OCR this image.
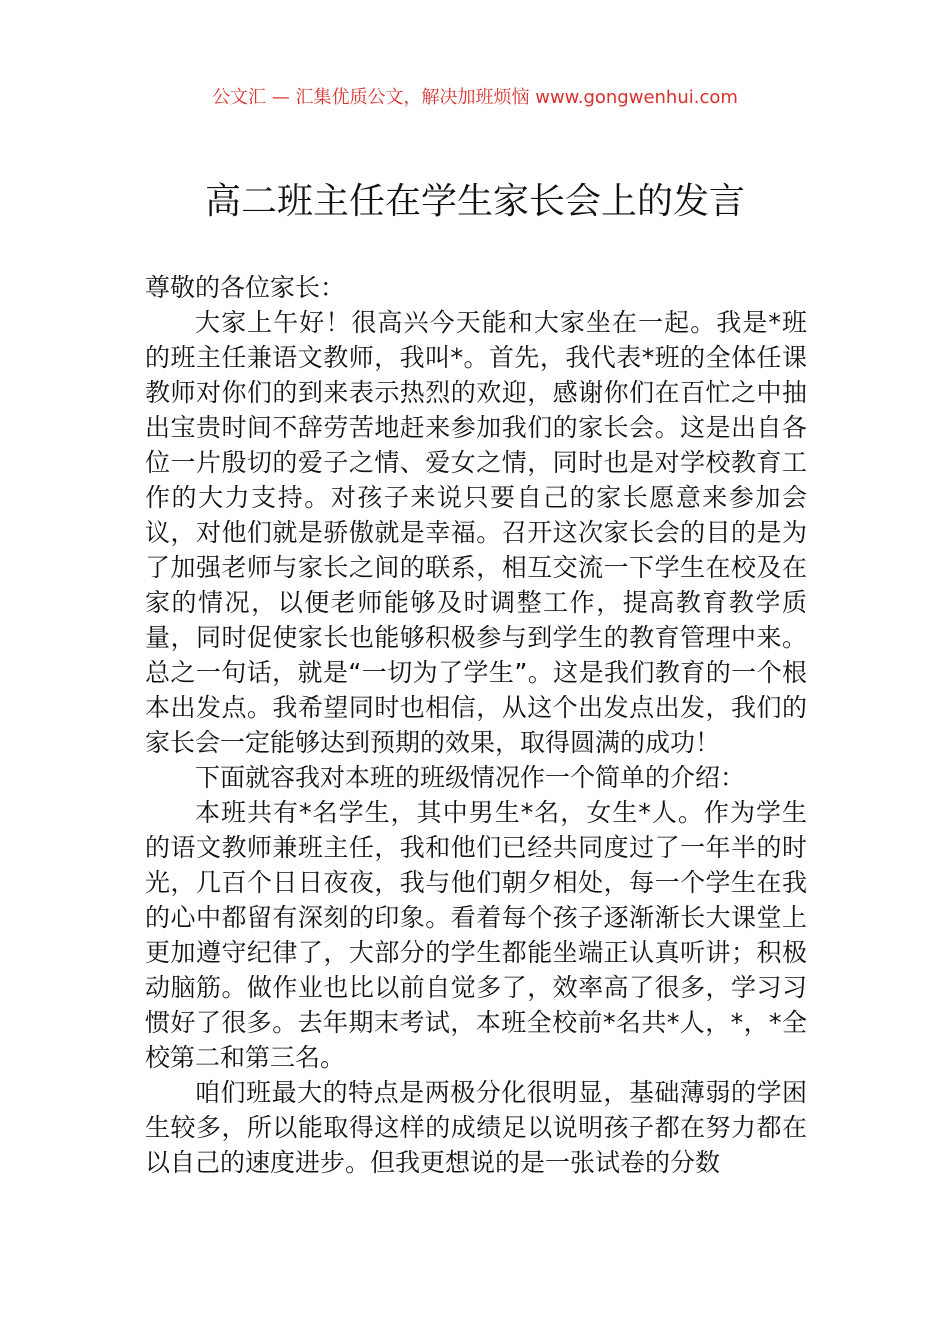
公文汇 — 汇集优质公文，解决加班烦恼 www.gongwenhui.com
高二班主任在学生家长会上的发言

尊敬的各位家长：

大家上午好！很高兴今天能和大家坐在一起。我是*班的班主任兼语文教师，我叫*。首先，我代表*班的全体任课教师对你们的到来表示热烈的欢迎，感谢你们在百忙之中抽出宝贵时间不辞劳苦地赶来参加我们的家长会。这是出自各位一片殷切的爱子之情、爱女之情，同时也是对学校教育工作的大力支持。对孩子来说只要自己的家长愿意来参加会议，对他们就是骄傲就是幸福。召开这次家长会的目的是为了加强老师与家长之间的联系，相互交流一下学生在校及在家的情况，以便老师能够及时调整工作，提高教育教学质量，同时促使家长也能够积极参与到学生的教育管理中来。总之一句话，就是“一切为了学生”。这是我们教育的一个根本出发点。我希望同时也相信，从这个出发点出发，我们的家长会一定能够达到预期的效果，取得圆满的成功！

下面就容我对本班的班级情况作一个简单的介绍：

本班共有*名学生，其中男生*名，女生*人。作为学生的语文教师兼班主任，我和他们已经共同度过了一年半的时光，几百个日日夜夜，我与他们朝夕相处，每一个学生在我的心中都留有深刻的印象。看着每个孩子逐渐渐长大课堂上更加遵守纪律了，大部分的学生都能坐端正认真听讲；积极动脑筋。做作业也比以前自觉多了，效率高了很多，学习习惯好了很多。去年期末考试，本班全校前*名共*人，*，*全校第二和第三名。

咱们班最大的特点是两极分化很明显，基础薄弱的学困生较多，所以能取得这样的成绩足以说明孩子都在努力都在以自己的速度进步。但我更想说的是一张试卷的分数
